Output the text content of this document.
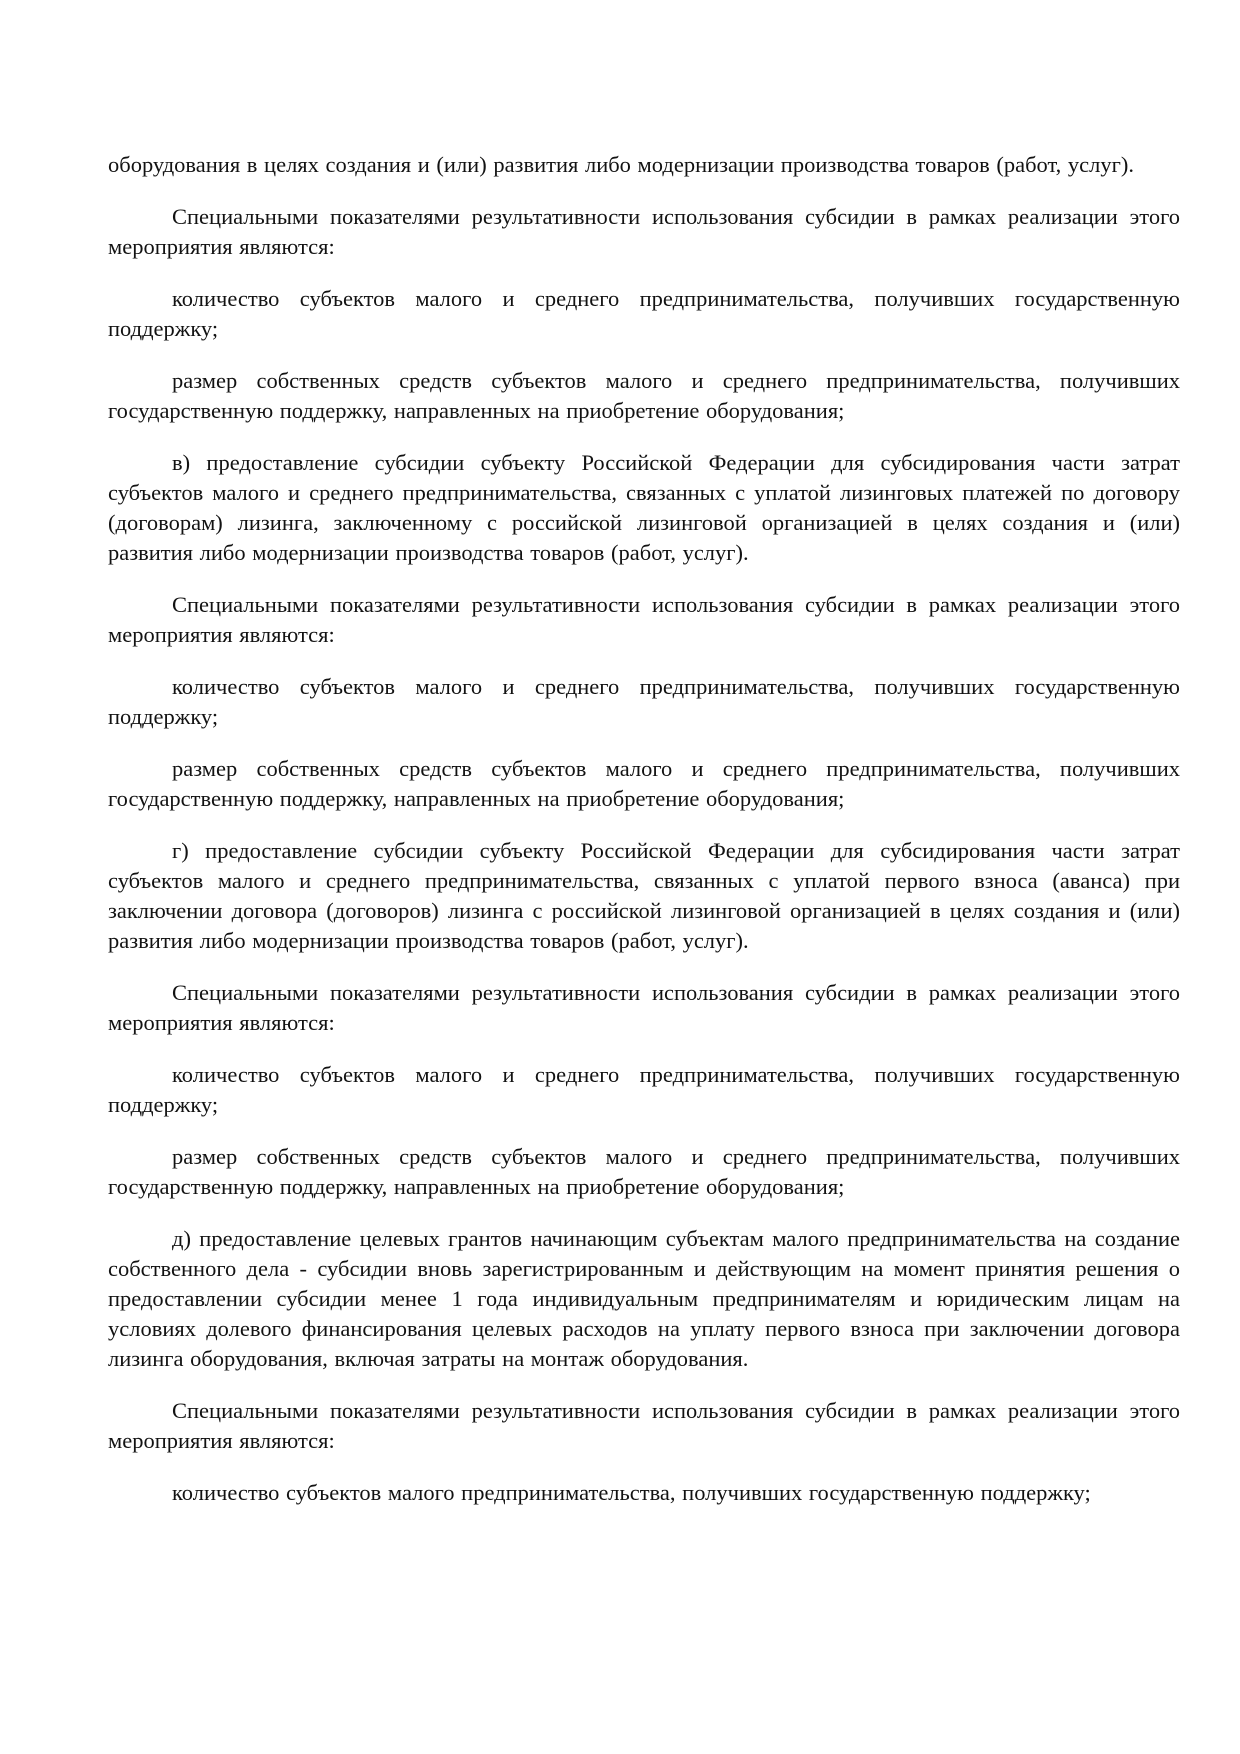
оборудования в целях создания и (или) развития либо модернизации производства товаров (работ, услуг).

Специальными показателями результативности использования субсидии в рамках реализации этого мероприятия являются:

количество субъектов малого и среднего предпринимательства, получивших государственную поддержку;

размер собственных средств субъектов малого и среднего предпринимательства, получивших государственную поддержку, направленных на приобретение оборудования;

в) предоставление субсидии субъекту Российской Федерации для субсидирования части затрат субъектов малого и среднего предпринимательства, связанных с уплатой лизинговых платежей по договору (договорам) лизинга, заключенному с российской лизинговой организацией в целях создания и (или) развития либо модернизации производства товаров (работ, услуг).

Специальными показателями результативности использования субсидии в рамках реализации этого мероприятия являются:

количество субъектов малого и среднего предпринимательства, получивших государственную поддержку;

размер собственных средств субъектов малого и среднего предпринимательства, получивших государственную поддержку, направленных на приобретение оборудования;

г) предоставление субсидии субъекту Российской Федерации для субсидирования части затрат субъектов малого и среднего предпринимательства, связанных с уплатой первого взноса (аванса) при заключении договора (договоров) лизинга с российской лизинговой организацией в целях создания и (или) развития либо модернизации производства товаров (работ, услуг).

Специальными показателями результативности использования субсидии в рамках реализации этого мероприятия являются:

количество субъектов малого и среднего предпринимательства, получивших государственную поддержку;

размер собственных средств субъектов малого и среднего предпринимательства, получивших государственную поддержку, направленных на приобретение оборудования;

д) предоставление целевых грантов начинающим субъектам малого предпринимательства на создание собственного дела - субсидии вновь зарегистрированным и действующим на момент принятия решения о предоставлении субсидии менее 1 года индивидуальным предпринимателям и юридическим лицам на условиях долевого финансирования целевых расходов на уплату первого взноса при заключении договора лизинга оборудования, включая затраты на монтаж оборудования.

Специальными показателями результативности использования субсидии в рамках реализации этого мероприятия являются:

количество субъектов малого предпринимательства, получивших государственную поддержку;
